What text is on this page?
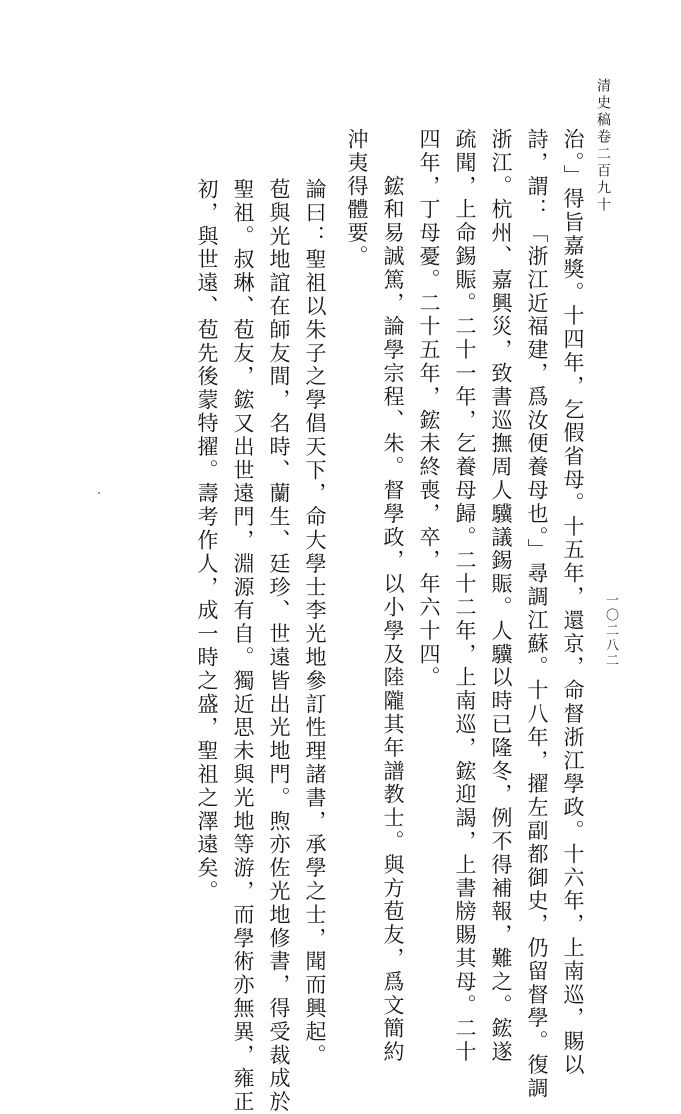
清史稿卷二百九十
一〇二八二
治。」得旨嘉獎。十四年，乞假省母。十五年，還京，命督浙江學政。十六年，上南巡，賜以
詩，謂：「浙江近福建，爲汝便養母也。」尋調江蘇。十八年，擢左副都御史，仍留督學。復調
浙江。杭州、嘉興災，致書巡撫周人驥議錫賑。人驥以時已隆冬，例不得補報，難之。鋐遂
疏聞，上命錫賑。二十一年，乞養母歸。二十二年，上南巡，鋐迎謁，上書牓賜其母。二十
四年，丁母憂。二十五年，鋐未終喪，卒，年六十四。
　　鋐和易誠篤，論學宗程、朱。督學政，以小學及陸隴其年譜教士。與方苞友，爲文簡約
沖夷得體要。
論曰：聖祖以朱子之學倡天下，命大學士李光地參訂性理諸書，承學之士，聞而興起。
苞與光地誼在師友間，名時、蘭生、廷珍、世遠皆出光地門。煦亦佐光地修書，得受裁成於
聖祖。叔琳、苞友，鋐又出世遠門，淵源有自。獨近思未與光地等游，而學術亦無異，雍正
初，與世遠、苞先後蒙特擢。壽考作人，成一時之盛，聖祖之澤遠矣。
